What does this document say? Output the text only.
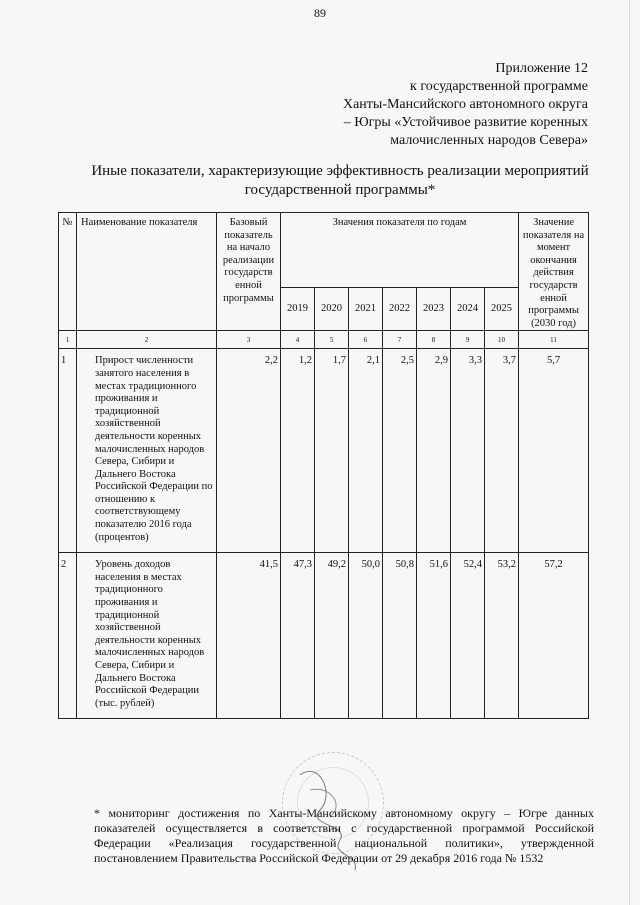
89
Приложение 12
к государственной программе
Ханты-Мансийского автономного округа
– Югры «Устойчивое развитие коренных
малочисленных народов Севера»
Иные показатели, характеризующие эффективность реализации мероприятий
государственной программы*
№	Наименование показателя	Базовый показатель на начало реализации государств енной программы	Значения показателя по годам							Значение показателя на момент окончания действия государств енной программы (2030 год)
			2019	2020	2021	2022	2023	2024	2025	
1	2	3	4	5	6	7	8	9	10	11
1	Прирост численности занятого населения в местах традиционного проживания и традиционной хозяйственной деятельности коренных малочисленных народов Севера, Сибири и Дальнего Востока Российской Федерации по отношению к соответствующему показателю 2016 года (процентов)	2,2	1,2	1,7	2,1	2,5	2,9	3,3	3,7	5,7
2	Уровень доходов населения в местах традиционного проживания и традиционной хозяйственной деятельности коренных малочисленных народов Севера, Сибири и Дальнего Востока Российской Федерации (тыс. рублей)	41,5	47,3	49,2	50,0	50,8	51,6	52,4	53,2	57,2
* мониторинг достижения по Ханты-Мансийскому автономному округу – Югре данных показателей осуществляется в соответствии с государственной программой Российской Федерации «Реализация государственной национальной политики», утвержденной постановлением Правительства Российской Федерации от 29 декабря 2016 года № 1532
